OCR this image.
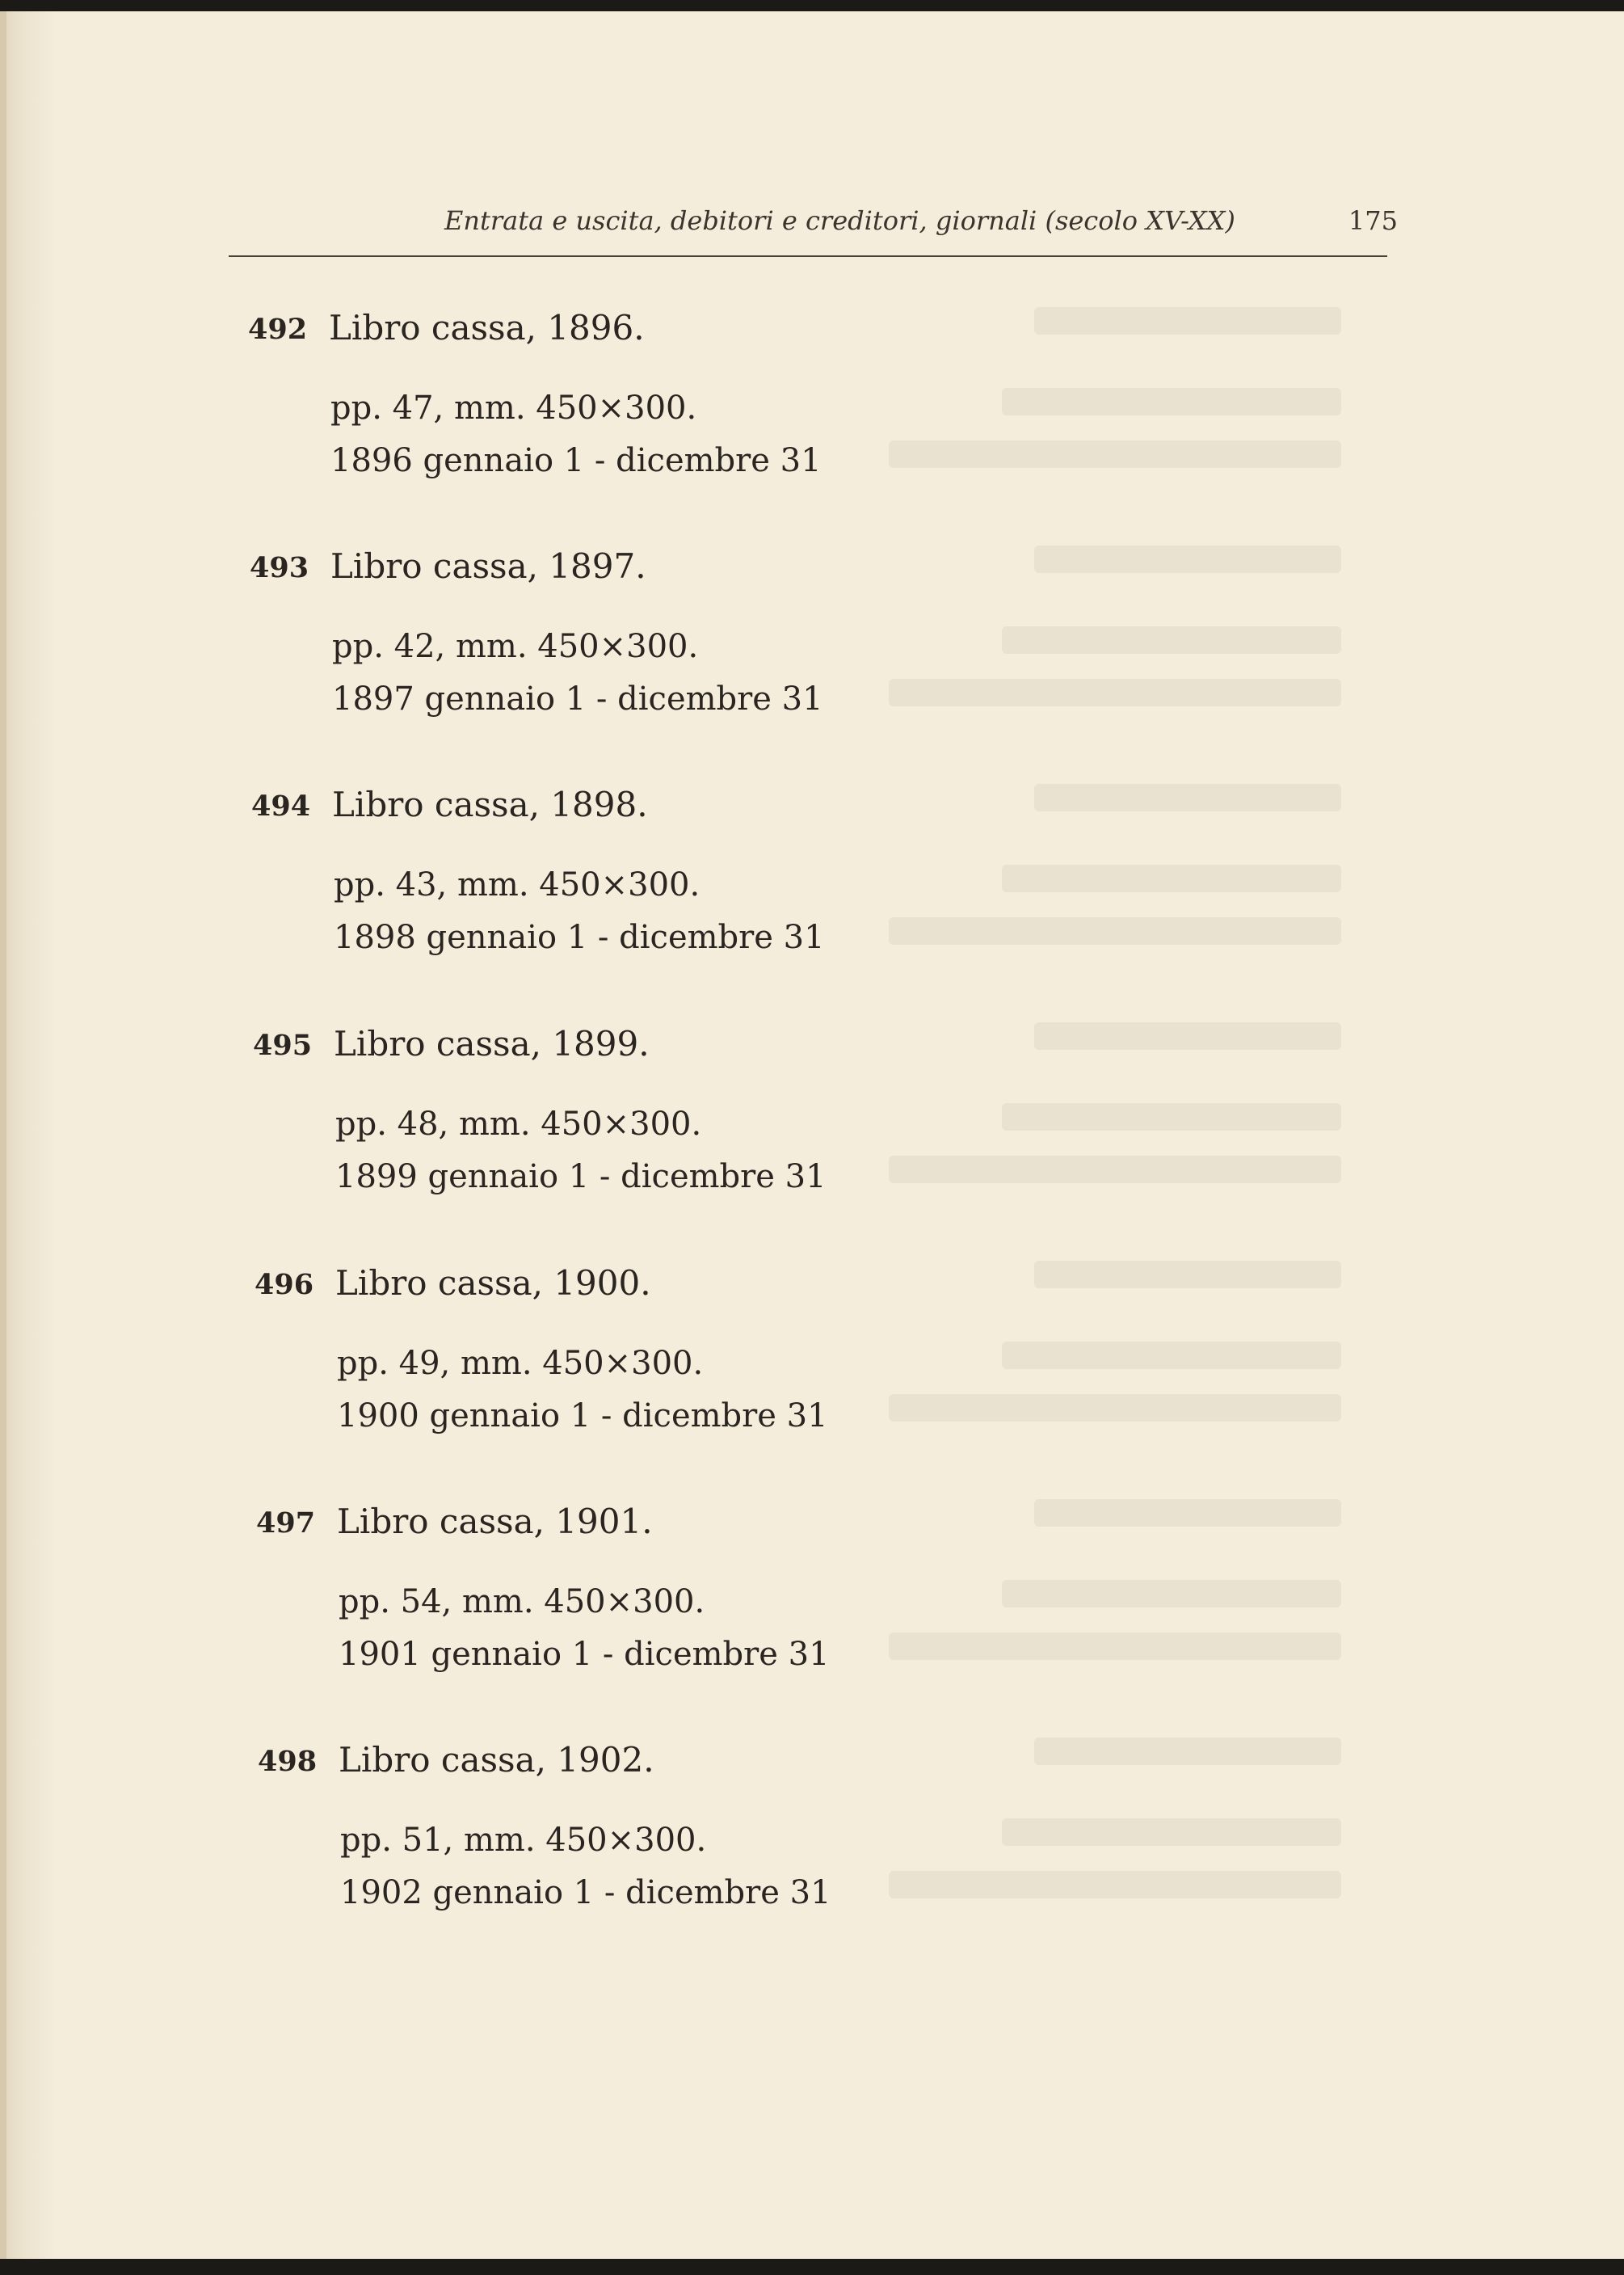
Entrata e uscita, debitori e creditori, giornali (secolo XV-XX)	175
492 Libro cassa, 1896.
pp. 47, mm. 450×300.
1896 gennaio 1 - dicembre 31
493 Libro cassa, 1897.
pp. 42, mm. 450×300.
1897 gennaio 1 - dicembre 31
494 Libro cassa, 1898.
pp. 43, mm. 450×300.
1898 gennaio 1 - dicembre 31
495 Libro cassa, 1899.
pp. 48, mm. 450×300.
1899 gennaio 1 - dicembre 31
496 Libro cassa, 1900.
pp. 49, mm. 450×300.
1900 gennaio 1 - dicembre 31
497 Libro cassa, 1901.
pp. 54, mm. 450×300.
1901 gennaio 1 - dicembre 31
498 Libro cassa, 1902.
pp. 51, mm. 450×300.
1902 gennaio 1 - dicembre 31
